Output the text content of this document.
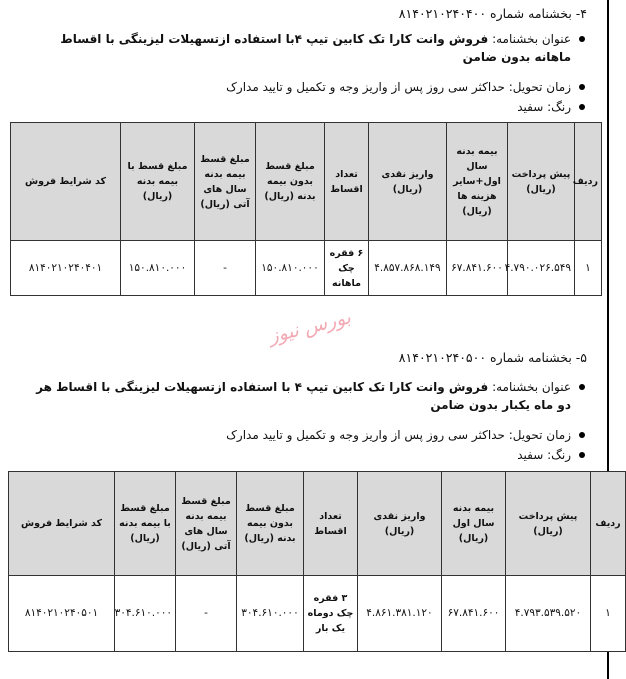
۴- بخشنامه شماره ۸۱۴۰۲۱۰۲۴۰۴۰۰
عنوان بخشنامه: فروش وانت کارا تک کابین تیپ ۴با استفاده ازتسهیلات لیزینگی با اقساط ماهانه بدون ضامن
زمان تحویل: حداکثر سی روز پس از واریز وجه و تکمیل و تایید مدارک
رنگ: سفید
ردیف	پیش پرداخت (ریال)	بیمه بدنه سال اول+سایر هزینه ها (ریال)	واریز نقدی (ریال)	تعداد اقساط	مبلغ قسط بدون بیمه بدنه (ریال)	مبلغ قسط بیمه بدنه سال های آتی (ریال)	مبلغ قسط با بیمه بدنه (ریال)	کد شرایط فروش
۱	۴.۷۹۰.۰۲۶.۵۴۹	۶۷.۸۴۱.۶۰۰	۴.۸۵۷.۸۶۸.۱۴۹	۶ فقره چک ماهانه	۱۵۰.۸۱۰.۰۰۰	-	۱۵۰.۸۱۰.۰۰۰	۸۱۴۰۲۱۰۲۴۰۴۰۱
بورس نیوز
۵- بخشنامه شماره ۸۱۴۰۲۱۰۲۴۰۵۰۰
عنوان بخشنامه: فروش وانت کارا تک کابین تیپ ۴ با استفاده ازتسهیلات لیزینگی با اقساط هر دو ماه یکبار بدون ضامن
زمان تحویل: حداکثر سی روز پس از واریز وجه و تکمیل و تایید مدارک
رنگ: سفید
ردیف	پیش پرداخت (ریال)	بیمه بدنه سال اول (ریال)	واریز نقدی (ریال)	تعداد اقساط	مبلغ قسط بدون بیمه بدنه (ریال)	مبلغ قسط بیمه بدنه سال های آتی (ریال)	مبلغ قسط با بیمه بدنه (ریال)	کد شرایط فروش
۱	۴.۷۹۳.۵۳۹.۵۲۰	۶۷.۸۴۱.۶۰۰	۴.۸۶۱.۳۸۱.۱۲۰	۳ فقره چک دوماه یک بار	۳۰۴.۶۱۰.۰۰۰	-	۳۰۴.۶۱۰.۰۰۰	۸۱۴۰۲۱۰۲۴۰۵۰۱
